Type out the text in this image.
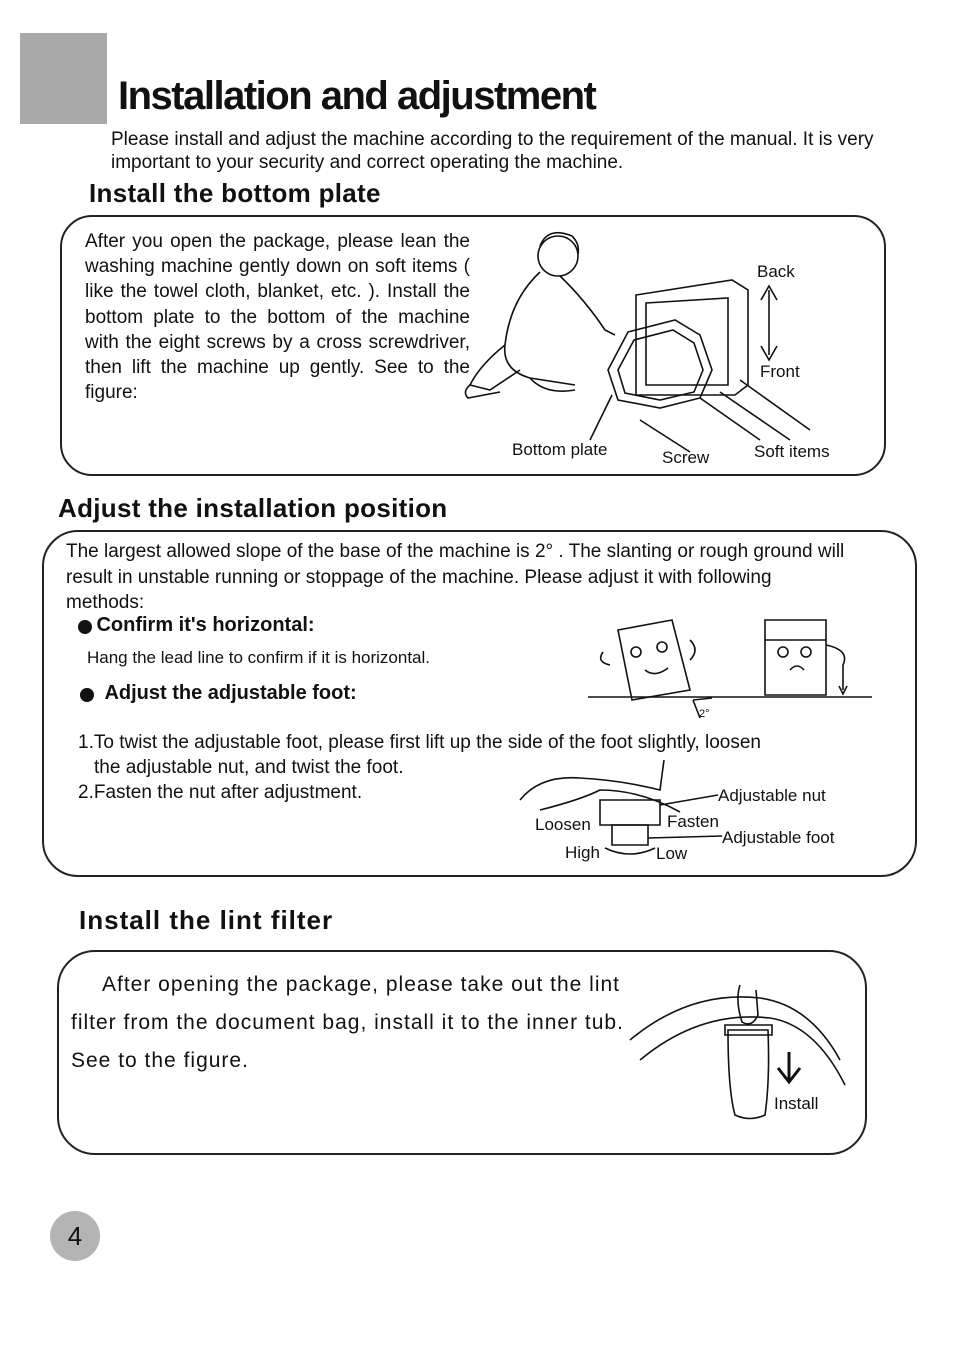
Installation and adjustment
Please install and adjust the machine according to the requirement of the manual. It is very important to your security and correct operating the machine.
Install the bottom plate
After you open the package, please lean the washing machine gently down on soft items ( like the towel cloth, blanket, etc. ). Install the bottom plate to the bottom of the machine with the eight screws by a cross screwdriver, then lift the machine up gently. See to the figure:
Back
Front
Bottom plate	Screw	Soft items
Adjust the installation position
The largest allowed slope of the base of the machine is 2° . The slanting or rough ground will result in unstable running or stoppage of the machine. Please adjust it with following methods:
Confirm it's horizontal:
Hang the lead line to confirm if it is horizontal.
Adjust the adjustable foot:
2°
1.To twist the adjustable foot, please first lift up the side of the foot slightly, loosen
the adjustable nut, and twist the foot.
2.Fasten the nut after adjustment.	Adjustable nut
Loosen	Fasten
Adjustable foot
High	Low
Install the lint filter
After opening the package, please take out the lint filter from the document bag, install it to the inner tub. See to the figure.
Install
4
